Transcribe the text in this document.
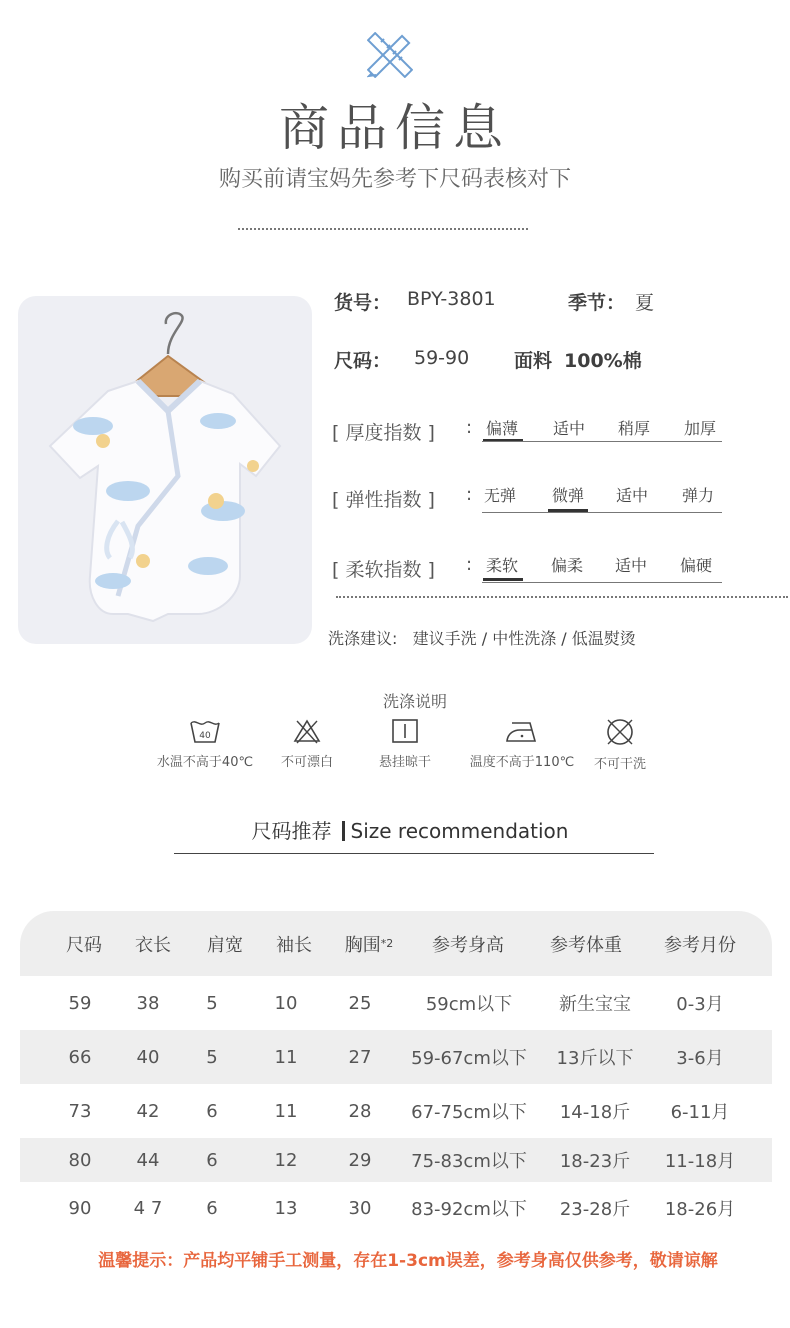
商品信息
购买前请宝妈先参考下尺码表核对下
货号： BPY-3801	季节： 夏
尺码： 59-90 面料 100%棉
[ 厚度指数 ] : 偏薄	适中	稍厚	加厚
[ 弹性指数 ] : 无弹	微弹	适中	弹力
[ 柔软指数 ] : 柔软	偏柔	适中	偏硬
洗涤建议:   建议手洗 / 中性洗涤 / 低温熨烫
洗涤说明
40
水温不高于40℃	不可漂白	悬挂晾干	温度不高于110℃	不可干洗
尺码推荐 Size recommendation
尺码	衣长	肩宽	袖长	胸围 *2	参考身高	参考体重	参考月份
59	38	5	10	25	59cm以下	新生宝宝	0-3月
66	40	5	11	27	59-67cm以下	13斤以下	3-6月
73	42	6	11	28	67-75cm以下	14-18斤	6-11月
80	44	6	12	29	75-83cm以下	18-23斤	11-18月
90	4 7	6	13	30	83-92cm以下	23-28斤	18-26月
温馨提示：产品均平铺手工测量，存在1-3cm误差，参考身高仅供参考，敬请谅解
